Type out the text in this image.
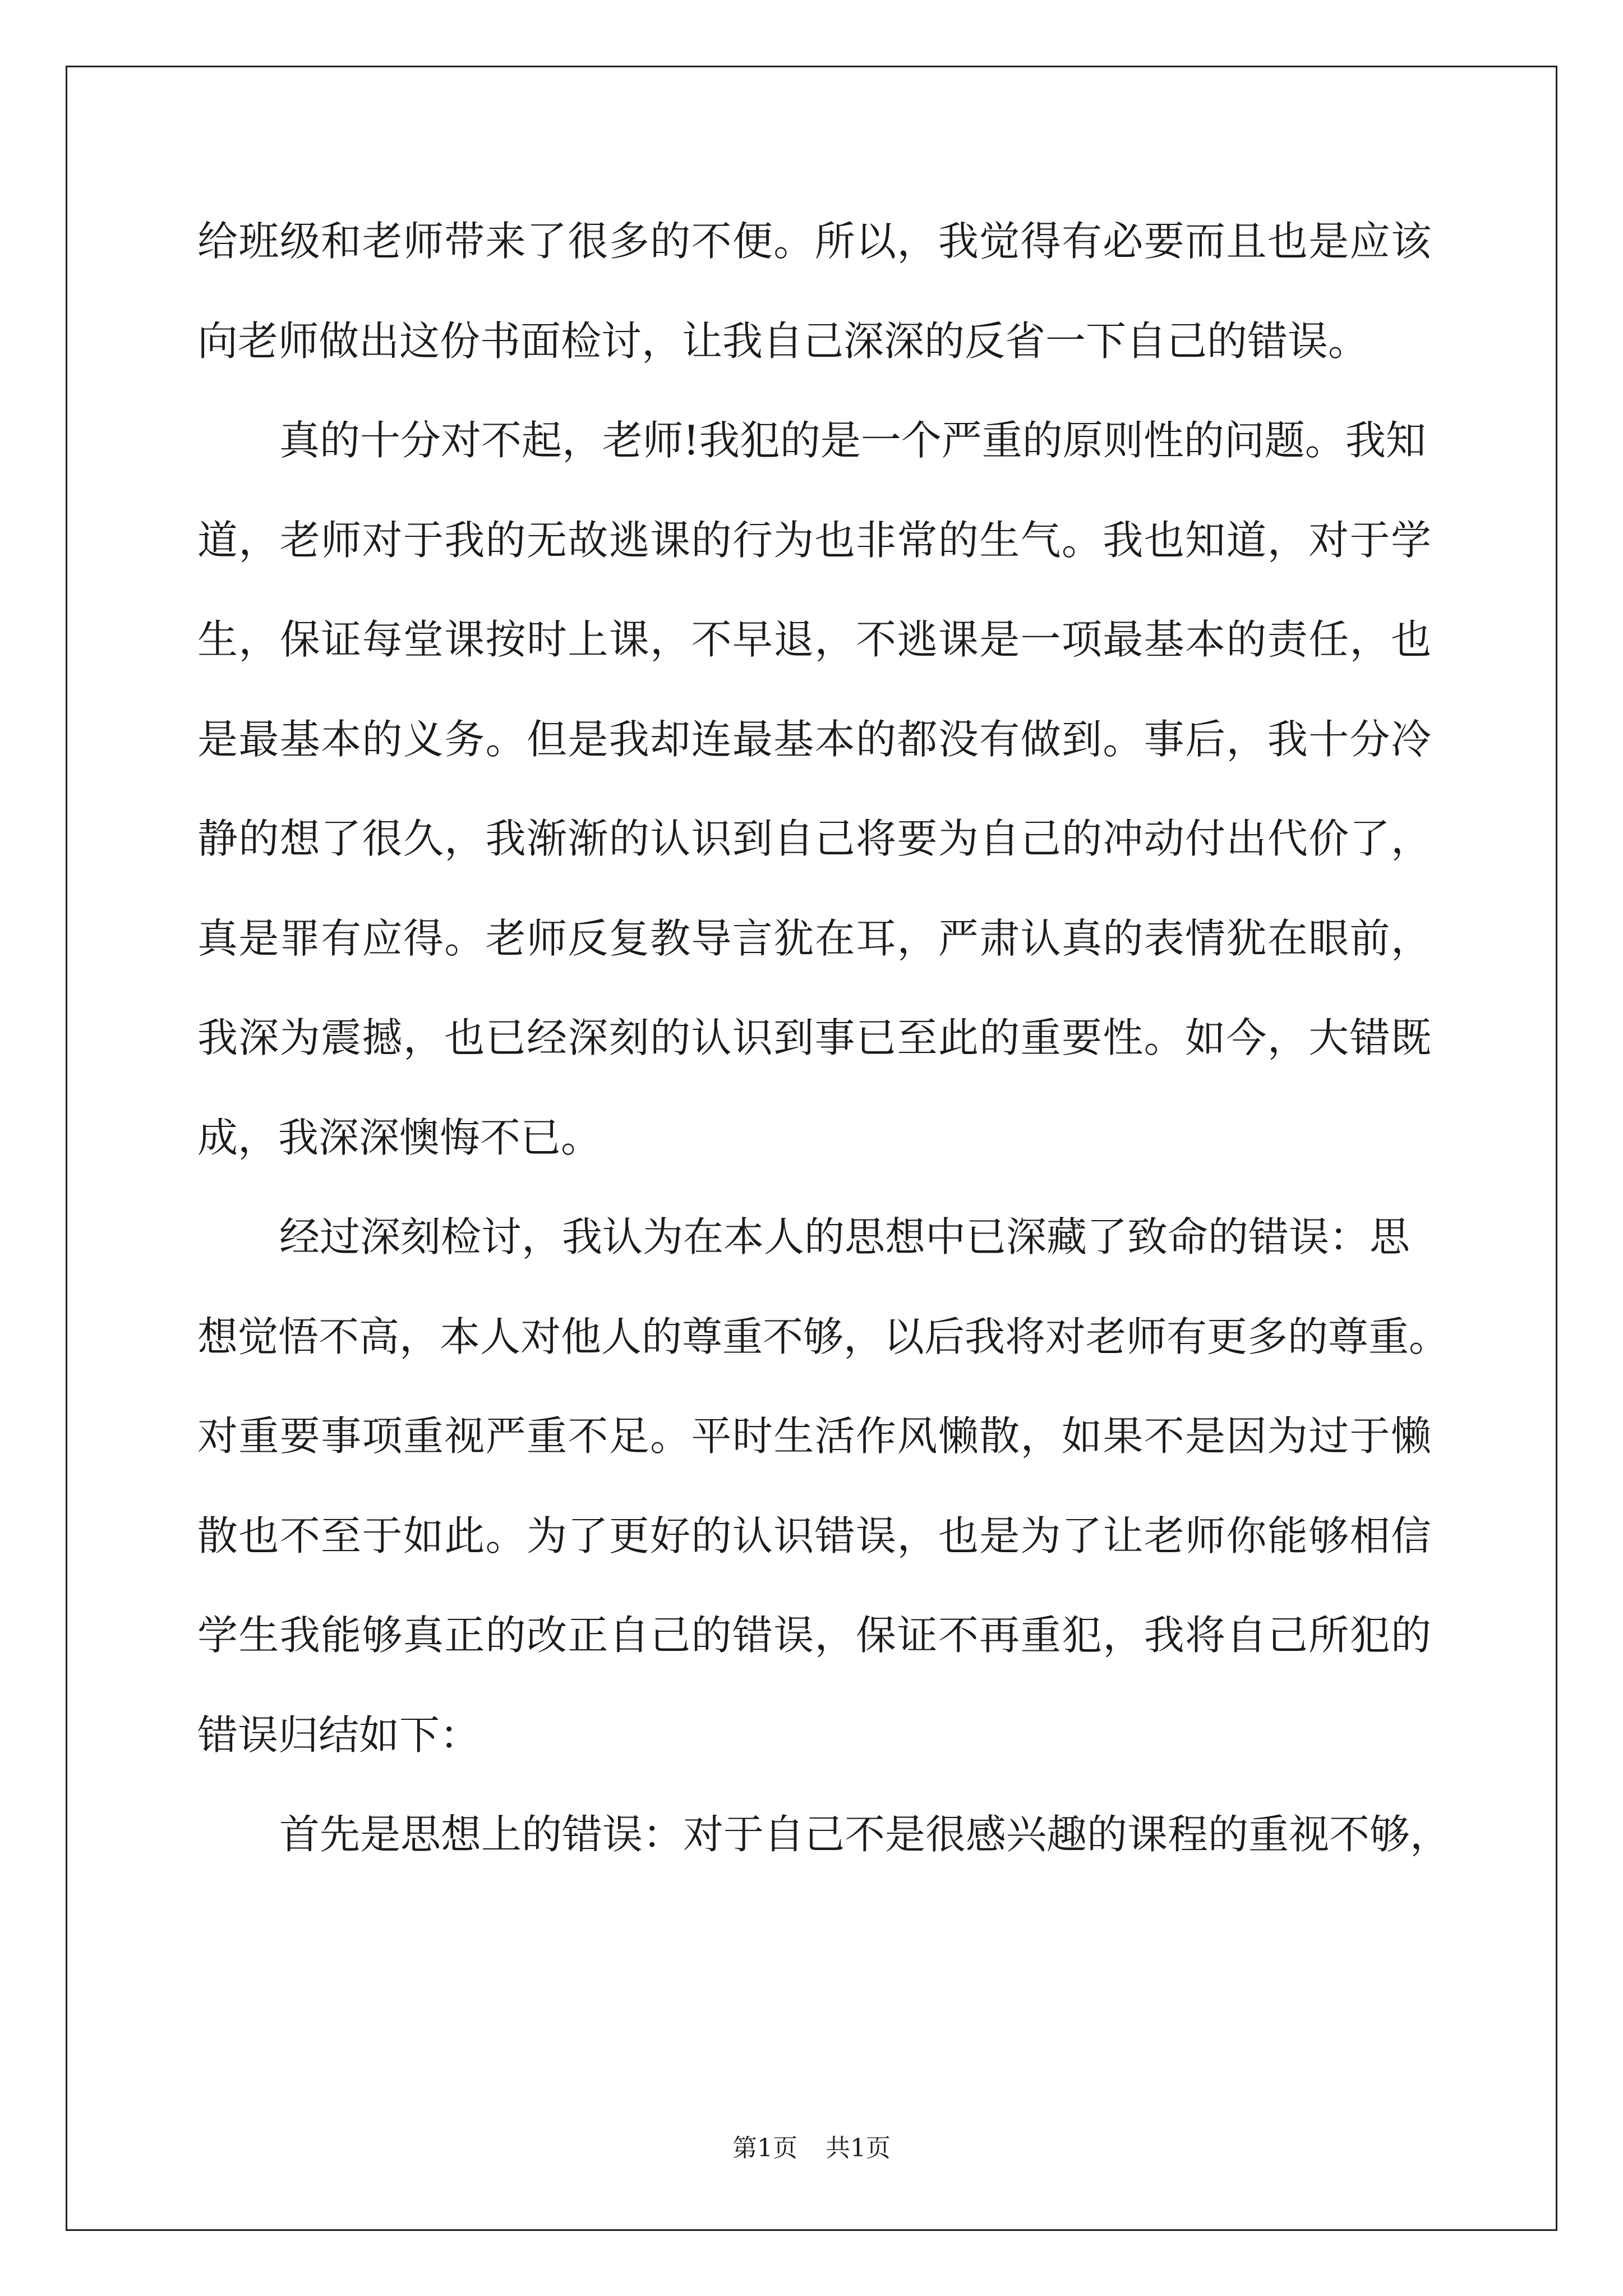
给班级和老师带来了很多的不便。所以，我觉得有必要而且也是应该
向老师做出这份书面检讨，让我自己深深的反省一下自己的错误。
真的十分对不起，老师!我犯的是一个严重的原则性的问题。我知
道，老师对于我的无故逃课的行为也非常的生气。我也知道，对于学
生，保证每堂课按时上课，不早退，不逃课是一项最基本的责任，也
是最基本的义务。但是我却连最基本的都没有做到。事后，我十分冷
静的想了很久，我渐渐的认识到自己将要为自己的冲动付出代价了，
真是罪有应得。老师反复教导言犹在耳，严肃认真的表情犹在眼前，
我深为震撼，也已经深刻的认识到事已至此的重要性。如今，大错既
成，我深深懊悔不已。
经过深刻检讨，我认为在本人的思想中已深藏了致命的错误：思
想觉悟不高，本人对他人的尊重不够，以后我将对老师有更多的尊重。
对重要事项重视严重不足。平时生活作风懒散，如果不是因为过于懒
散也不至于如此。为了更好的认识错误，也是为了让老师你能够相信
学生我能够真正的改正自己的错误，保证不再重犯，我将自己所犯的
错误归结如下：
首先是思想上的错误：对于自己不是很感兴趣的课程的重视不够，
第1页 共1页
